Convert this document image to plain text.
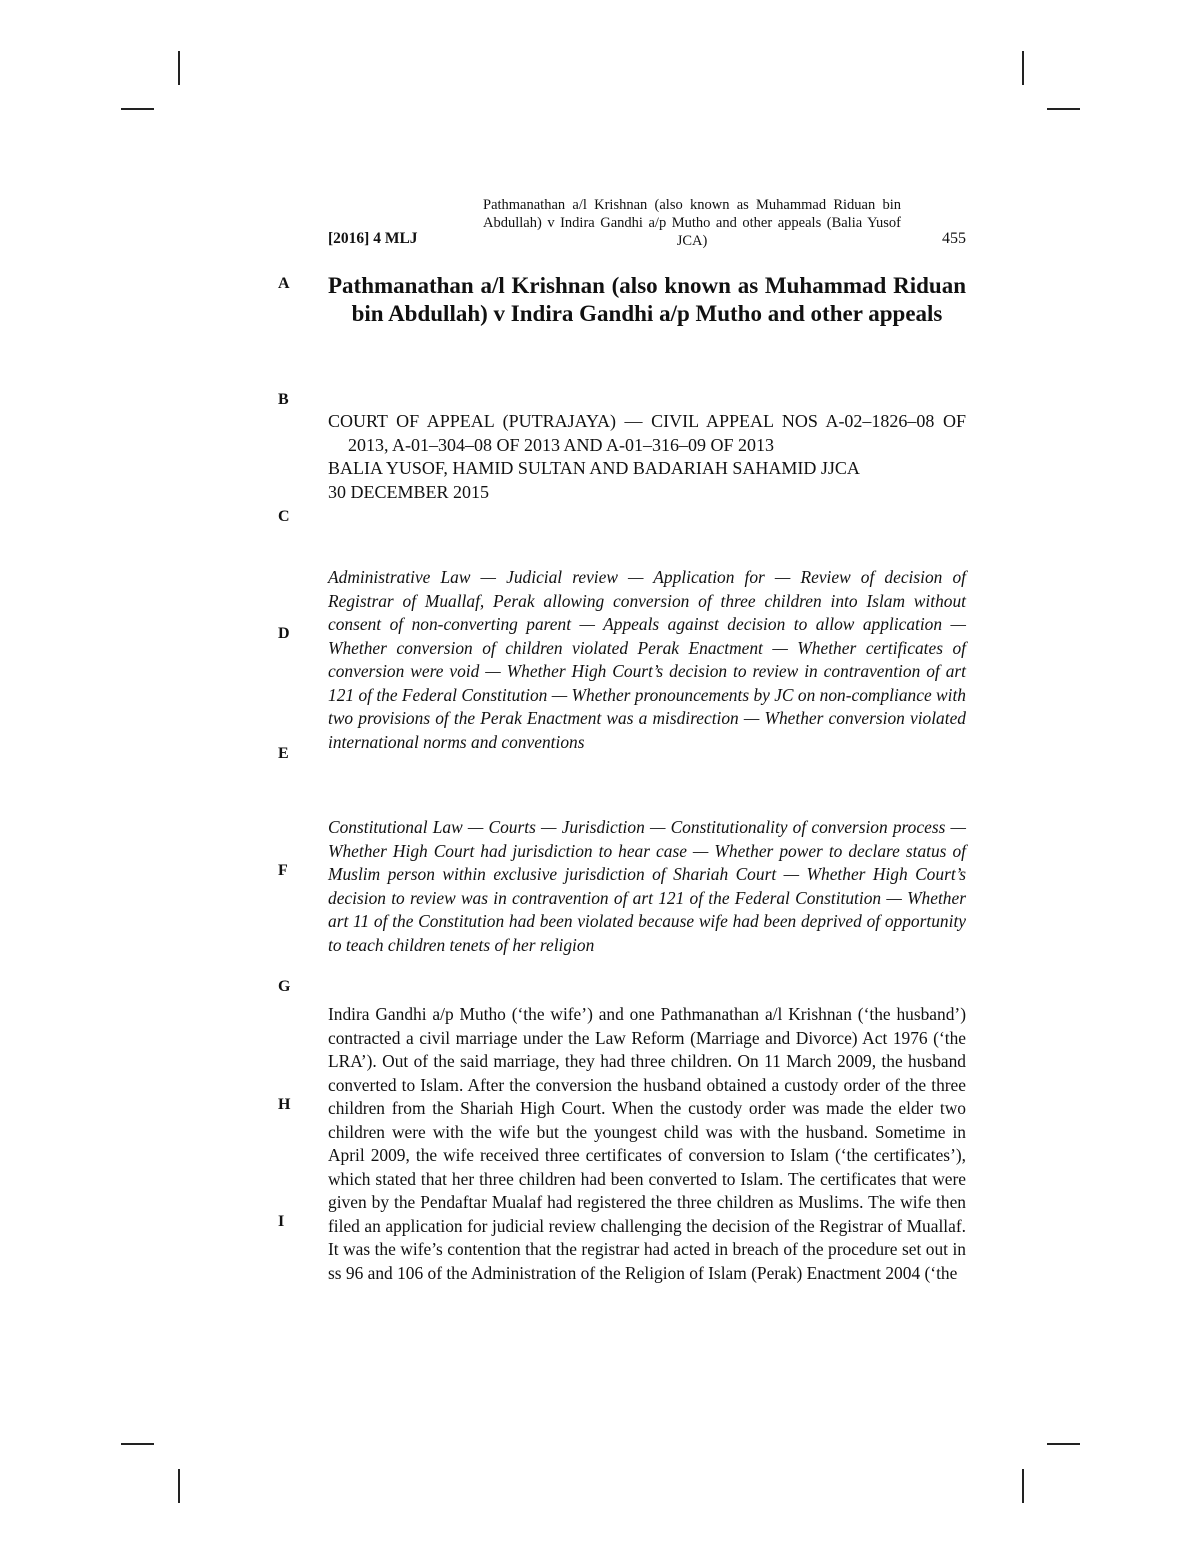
[2016] 4 MLJ
Pathmanathan a/l Krishnan (also known as Muhammad Riduan bin Abdullah) v Indira Gandhi a/p Mutho and other appeals (Balia Yusof JCA)	455
A
B
C
D
E
F
G
H
I
Pathmanathan a/l Krishnan (also known as Muhammad Riduan bin Abdullah) v Indira Gandhi a/p Mutho and other appeals
COURT OF APPEAL (PUTRAJAYA) — CIVIL APPEAL NOS A-02–1826–08 OF 2013, A-01–304–08 OF 2013 AND A-01–316–09 OF 2013
BALIA YUSOF, HAMID SULTAN AND BADARIAH SAHAMID JJCA
30 DECEMBER 2015

Administrative Law — Judicial review — Application for — Review of decision of Registrar of Muallaf, Perak allowing conversion of three children into Islam without consent of non-converting parent — Appeals against decision to allow application — Whether conversion of children violated Perak Enactment — Whether certificates of conversion were void — Whether High Court’s decision to review in contravention of art 121 of the Federal Constitution — Whether pronouncements by JC on non-compliance with two provisions of the Perak Enactment was a misdirection — Whether conversion violated international norms and conventions

Constitutional Law — Courts — Jurisdiction — Constitutionality of conversion process — Whether High Court had jurisdiction to hear case — Whether power to declare status of Muslim person within exclusive jurisdiction of Shariah Court — Whether High Court’s decision to review was in contravention of art 121 of the Federal Constitution — Whether art 11 of the Constitution had been violated because wife had been deprived of opportunity to teach children tenets of her religion

Indira Gandhi a/p Mutho (‘the wife’) and one Pathmanathan a/l Krishnan (‘the husband’) contracted a civil marriage under the Law Reform (Marriage and Divorce) Act 1976 (‘the LRA’). Out of the said marriage, they had three children. On 11 March 2009, the husband converted to Islam. After the conversion the husband obtained a custody order of the three children from the Shariah High Court. When the custody order was made the elder two children were with the wife but the youngest child was with the husband. Sometime in April 2009, the wife received three certificates of conversion to Islam (‘the certificates’), which stated that her three children had been converted to Islam. The certificates that were given by the Pendaftar Mualaf had registered the three children as Muslims. The wife then filed an application for judicial review challenging the decision of the Registrar of Muallaf. It was the wife’s contention that the registrar had acted in breach of the procedure set out in ss 96 and 106 of the Administration of the Religion of Islam (Perak) Enactment 2004 (‘the
